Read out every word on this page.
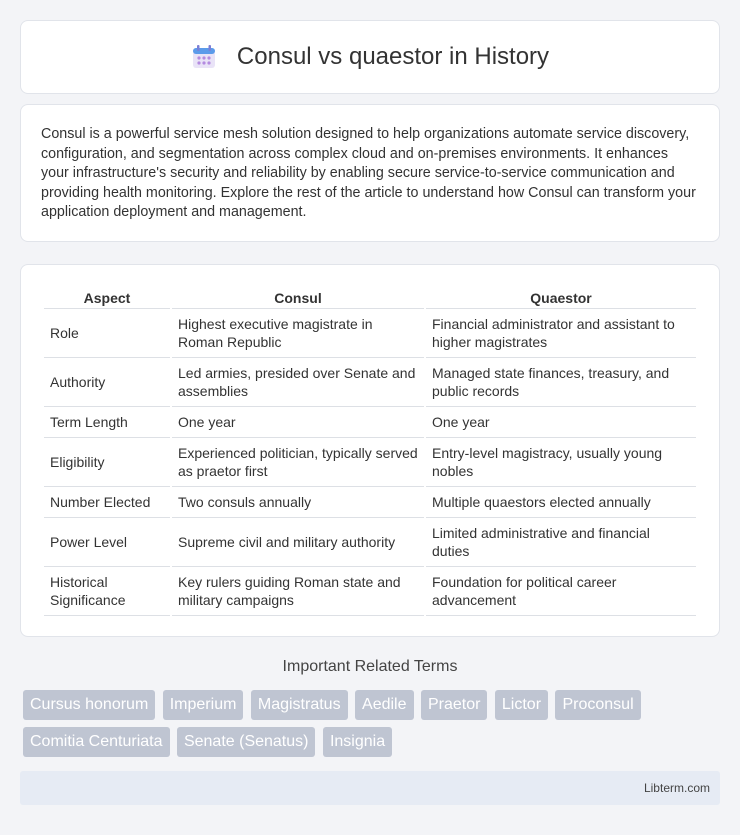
Consul vs quaestor in History

Consul is a powerful service mesh solution designed to help organizations automate service discovery, configuration, and segmentation across complex cloud and on-premises environments. It enhances your infrastructure's security and reliability by enabling secure service-to-service communication and providing health monitoring. Explore the rest of the article to understand how Consul can transform your application deployment and management.

Aspect	Consul	Quaestor
Role	Highest executive magistrate in Roman Republic	Financial administrator and assistant to higher magistrates
Authority	Led armies, presided over Senate and assemblies	Managed state finances, treasury, and public records
Term Length	One year	One year
Eligibility	Experienced politician, typically served as praetor first	Entry-level magistracy, usually young nobles
Number Elected	Two consuls annually	Multiple quaestors elected annually
Power Level	Supreme civil and military authority	Limited administrative and financial duties
Historical Significance	Key rulers guiding Roman state and military campaigns	Foundation for political career advancement
Important Related Terms
Cursus honorum Imperium Magistratus Aedile Praetor Lictor Proconsul Comitia Centuriata Senate (Senatus) Insignia
Libterm.com
